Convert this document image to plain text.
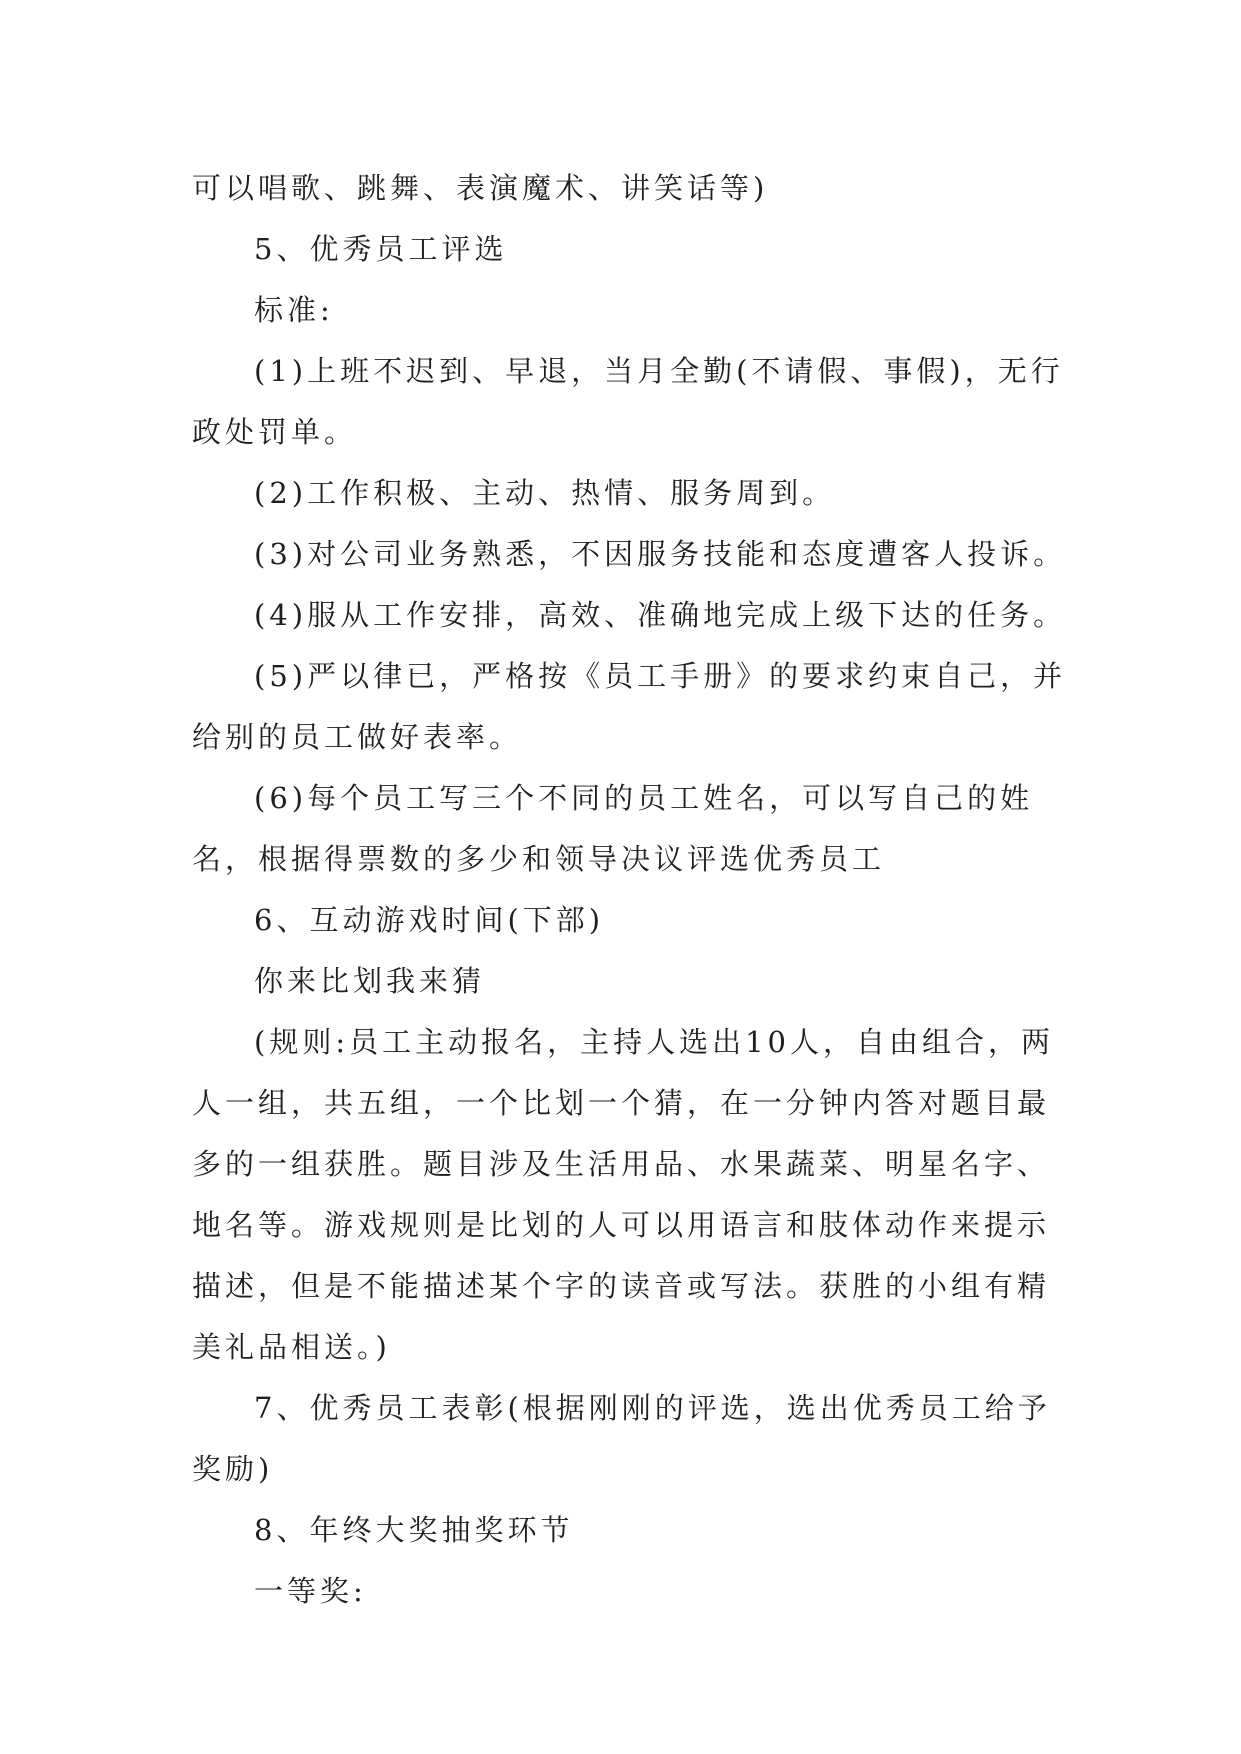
可以唱歌、跳舞、表演魔术、讲笑话等)

5、优秀员工评选

标准:

(1)上班不迟到、早退，当月全勤(不请假、事假)，无行政处罚单。

(2)工作积极、主动、热情、服务周到。

(3)对公司业务熟悉，不因服务技能和态度遭客人投诉。

(4)服从工作安排，高效、准确地完成上级下达的任务。

(5)严以律已，严格按《员工手册》的要求约束自己，并给别的员工做好表率。

(6)每个员工写三个不同的员工姓名，可以写自己的姓名，根据得票数的多少和领导决议评选优秀员工

6、互动游戏时间(下部)

你来比划我来猜

(规则:员工主动报名，主持人选出10人，自由组合，两人一组，共五组，一个比划一个猜，在一分钟内答对题目最多的一组获胜。题目涉及生活用品、水果蔬菜、明星名字、地名等。游戏规则是比划的人可以用语言和肢体动作来提示描述，但是不能描述某个字的读音或写法。获胜的小组有精美礼品相送。)

7、优秀员工表彰(根据刚刚的评选，选出优秀员工给予奖励)

8、年终大奖抽奖环节

一等奖:
